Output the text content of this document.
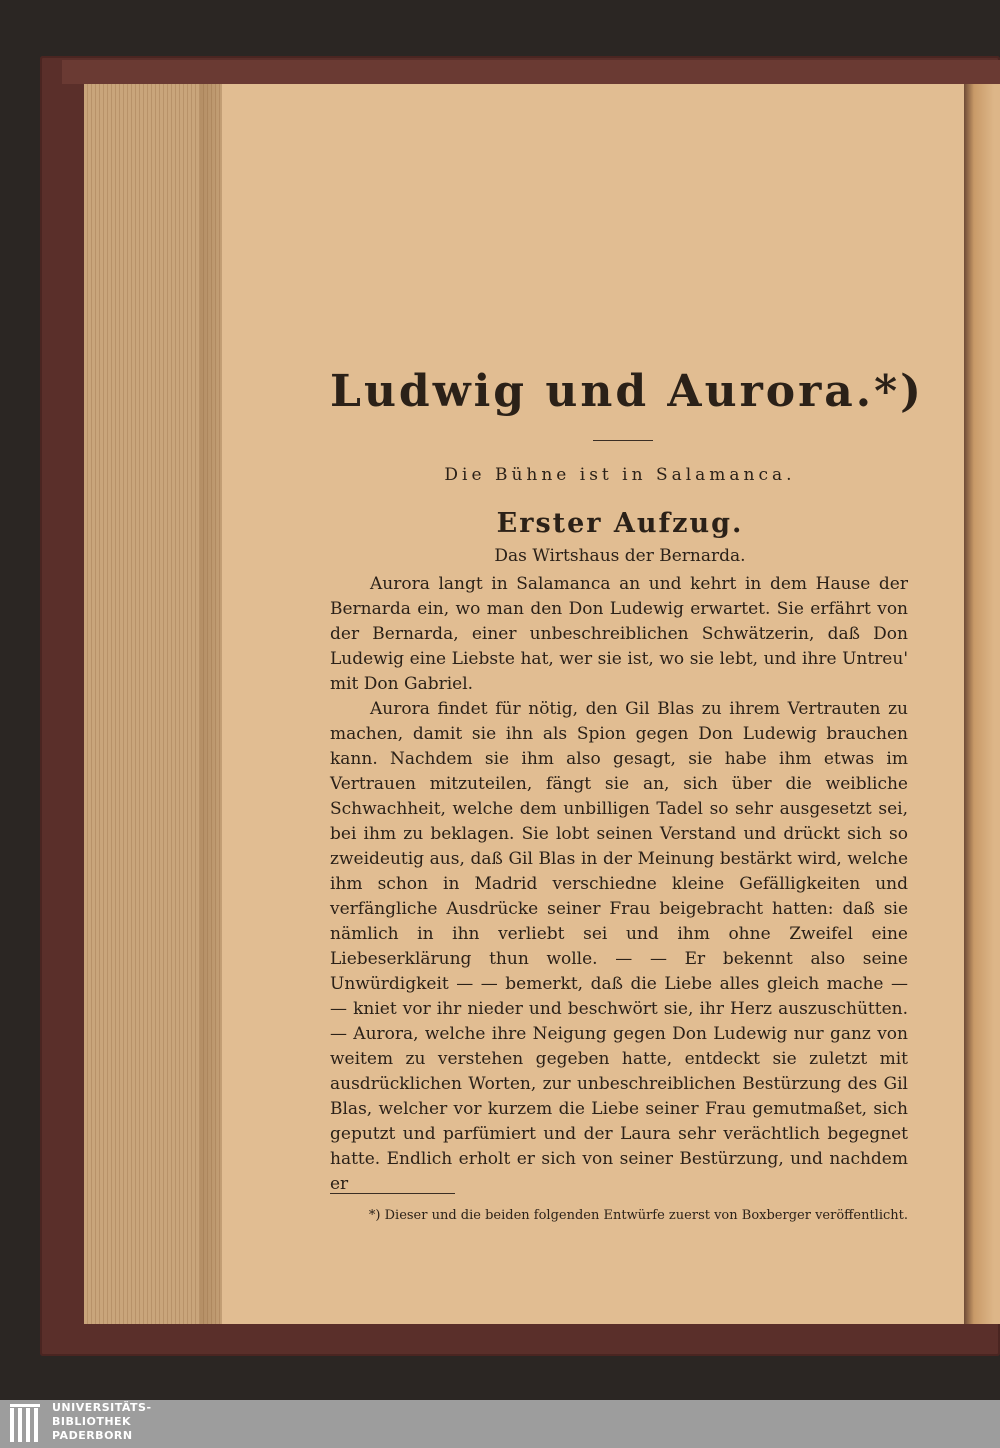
Ludwig und Aurora.*)
Die Bühne ist in Salamanca.
Erster Aufzug.
Das Wirtshaus der Bernarda.

Aurora langt in Salamanca an und kehrt in dem Hause der Bernarda ein, wo man den Don Ludewig erwartet. Sie erfährt von der Bernarda, einer unbeschreiblichen Schwätzerin, daß Don Ludewig eine Liebste hat, wer sie ist, wo sie lebt, und ihre Untreu' mit Don Gabriel.

Aurora findet für nötig, den Gil Blas zu ihrem Vertrauten zu machen, damit sie ihn als Spion gegen Don Ludewig brauchen kann. Nachdem sie ihm also gesagt, sie habe ihm etwas im Vertrauen mitzuteilen, fängt sie an, sich über die weibliche Schwachheit, welche dem unbilligen Tadel so sehr ausgesetzt sei, bei ihm zu beklagen. Sie lobt seinen Verstand und drückt sich so zweideutig aus, daß Gil Blas in der Meinung bestärkt wird, welche ihm schon in Madrid verschiedne kleine Gefälligkeiten und verfängliche Ausdrücke seiner Frau beigebracht hatten: daß sie nämlich in ihn verliebt sei und ihm ohne Zweifel eine Liebeserklärung thun wolle. — — Er bekennt also seine Unwürdigkeit — — bemerkt, daß die Liebe alles gleich mache — — kniet vor ihr nieder und beschwört sie, ihr Herz auszuschütten. — Aurora, welche ihre Neigung gegen Don Ludewig nur ganz von weitem zu verstehen gegeben hatte, entdeckt sie zuletzt mit ausdrücklichen Worten, zur unbeschreiblichen Bestürzung des Gil Blas, welcher vor kurzem die Liebe seiner Frau gemutmaßet, sich geputzt und parfümiert und der Laura sehr verächtlich begegnet hatte. Endlich erholt er sich von seiner Bestürzung, und nachdem er

*) Dieser und die beiden folgenden Entwürfe zuerst von Boxberger veröffentlicht.
UNIVERSITÄTS-
BIBLIOTHEK
PADERBORN
